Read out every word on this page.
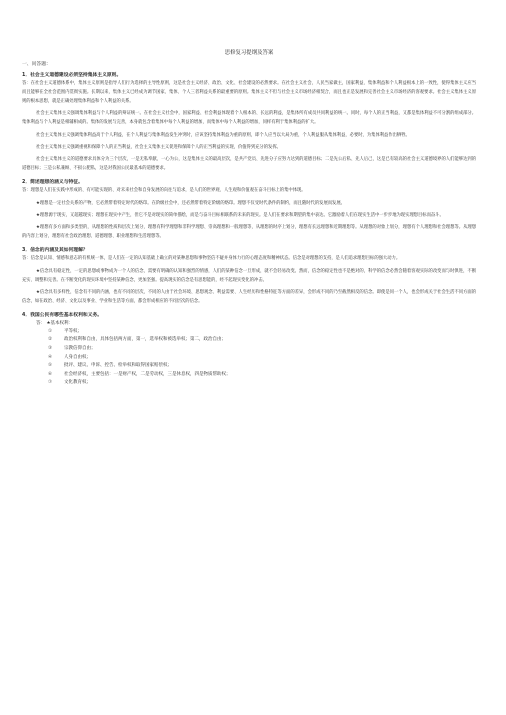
思修复习提纲及答案
一、问答题：
1．社会主义道德建设必须坚持集体主义原则。

答：在社会主义道德体系中，集体主义原则是指导人们行为选择的主导性原则，这是社会主义经济、政治、文化、社会建设的必然要求。在社会主义社会，人民当家做主，国家利益、集体利益和个人利益根本上的一致性，使得集体主义应当而且能够在全社会范围内贯彻实施。长期以来，集体主义已经成为调节国家、集体、个人三者利益关系的最重要的原则。集体主义不但与社会主义市场经济相契合，而且也正是发展和完善社会主义市场经济的客观要求。社会主义集体主义原则的根本思想，就是正确处理集体利益和个人利益的关系。

社会主义集体主义强调集体利益与个人利益的辩证统一。在社会主义社会中，国家利益、社会利益体现着个人根本的、长远的利益，是集体所有成员共同利益的统一。同时，每个人的正当利益，又都是集体利益不可分割的组成部分。集体利益与个人利益是相辅相成的。集体的发展与完善，本身就包含着集体中每个人利益的增加，而集体中每个人利益的增加，同样有利于集体利益的扩大。

社会主义集体主义强调集体利益高于个人利益，在个人利益与集体利益发生冲突时，应该坚持集体利益为重的原则，即个人应当以大局为重，个人利益服从集体利益，必要时，为集体利益作出牺牲。

社会主义集体主义强调重视和保障个人的正当利益，社会主义集体主义促进和保障个人的正当利益的实现，价值得到充分的发挥。

社会主义集体主义的道德要求具体分为三个层次，一是无私奉献、一心为公，这是集体主义的最高层次，是共产党员、先进分子应努力达到的道德目标；二是先公后私、先人后己，这是已有较高的社会主义道德境界的人们能够达到的道德目标；三是公私兼顾、不损公肥私，这是对我国公民最基本的道德要求。

2．简述理想的涵义与特征。

答：理想是人们在实践中形成的、有可能实现的、对未来社会和自身发展的向往与追求，是人们的世界观、人生观和价值观在奋斗目标上的集中体现。

★理想是一定社会关系的产物，它必然带着特定时代的烙印。在阶级社会中，还必然带着特定阶级的烙印。理想不仅受时代条件的制约，而且随时代的发展而发展。

★理想源于现实，又超越现实；理想在现实中产生，但它不是对现实的简单描绘，而是与奋斗目标相联系的未来的现实。是人们在要求和期望的集中表达。它激励着人们在现实生活中一步步地为现实理想目标而奋斗。

★理想有多方面和多类型的，从理想的性质和层次上划分，理想有科学理想和非科学理想、崇高理想和一般理想等，从理想的时序上划分，理想有长远理想和近期理想等。从理想的对象上划分，理想有个人理想和社会理想等。从理想的内容上划分，理想有社会政治理想、道德理想、职业理想和生活理想等。

3．信念的内涵及其如何理解？

答：信念是认知、情感和意志的有机统一体，是人们在一定的认知基础上确立的对某种思想和事物坚信不疑并身体力行的心理态度和精神状态。信念是对理想的支持，是人们追求理想目标的强大动力。

★信念具有稳定性，一定的思想或事物成为一个人的信念，需要有明确的认知和强烈的情感，人们的某种信念一旦形成，就不会轻易改变。然而，信念的稳定性也不是绝对的，科学的信念必然会随着客观实际的改变而与时俱进，不断充实、调整和完善。在不断变化的现实环境中坚持某种信念，更加坚强。提高现实的信念是有思想能的，经不起现实变化的冲击。

★信念具有多样性，信念有不同的内涵，也有不同的层次，不同的人由于社会环境、思想观念、利益需要、人生经历和性格特征等方面的差异，会形成不同的乃至截然相反的信念。即使是同一个人，也会形成关于社会生活不同方面的信念，如在政治、经济、文化以及事业、学业和生活等方面，都会形成相应的不同层次的信念。

4．我国公民有哪些基本权利和义务。
答： ★基本权利：
①	平等权；
②	政治权利和自由，具体包括两方面，第一，选举权和被选举权；第二，政治自由；
③	宗教信仰自由；
④	人身自由权；
⑤	批评、建议、申诉、控告、检举权和取得国家赔偿权；
⑥	社会经济权，主要包括：一是财产权，二是劳动权，三是休息权，四是物质帮助权；
⑦	文化教育权；
